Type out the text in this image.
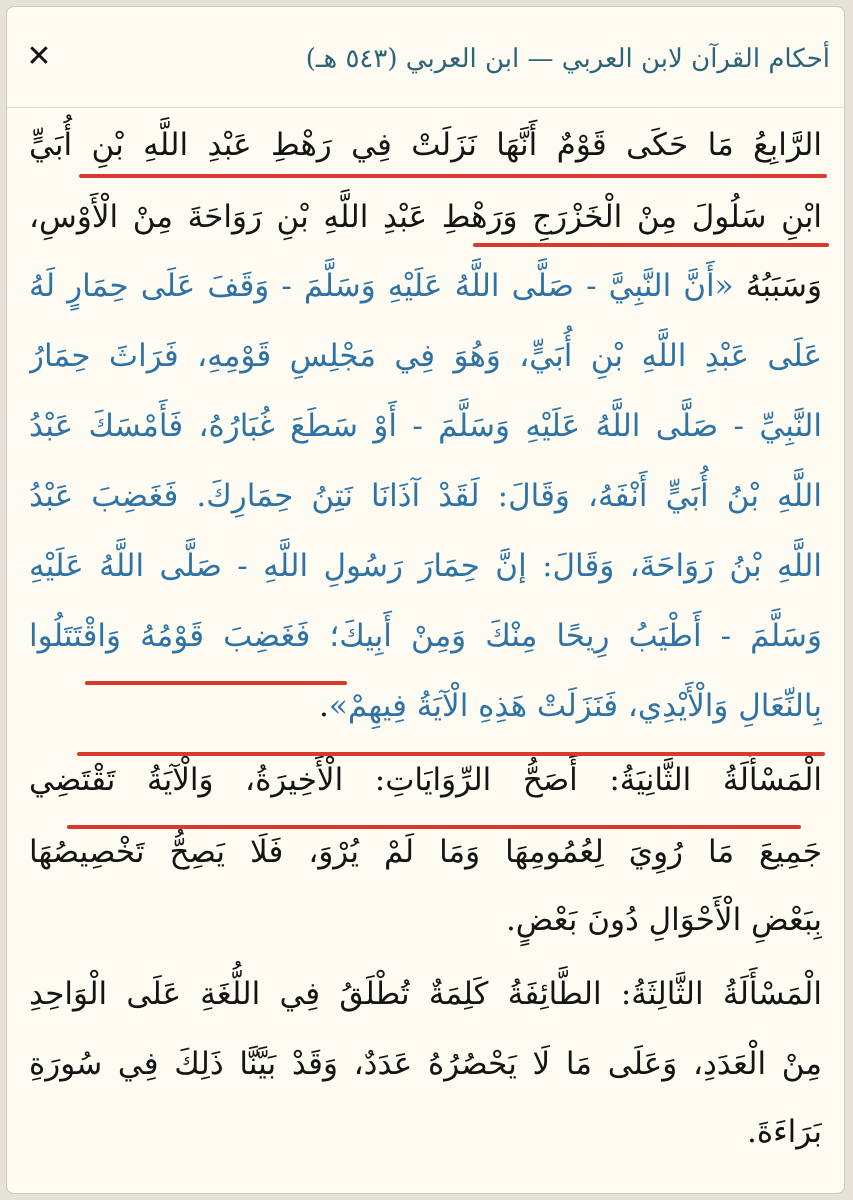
✕	أحكام القرآن لابن العربي — ابن العربي (٥٤٣ هـ)
الرَّابِعُ مَا حَكَى قَوْمٌ أَنَّهَا نَزَلَتْ فِي رَهْطِ عَبْدِ اللَّهِ بْنِ أُبَيٍّ
ابْنِ سَلُولَ مِنْ الْخَزْرَجِ وَرَهْطِ عَبْدِ اللَّهِ بْنِ رَوَاحَةَ مِنْ الْأَوْسِ،
وَسَبَبُهُ «أَنَّ النَّبِيَّ - صَلَّى اللَّهُ عَلَيْهِ وَسَلَّمَ - وَقَفَ عَلَى حِمَارٍ لَهُ
عَلَى عَبْدِ اللَّهِ بْنِ أُبَيٍّ، وَهُوَ فِي مَجْلِسِ قَوْمِهِ، فَرَاثَ حِمَارُ
النَّبِيِّ - صَلَّى اللَّهُ عَلَيْهِ وَسَلَّمَ - أَوْ سَطَعَ غُبَارُهُ، فَأَمْسَكَ عَبْدُ
اللَّهِ بْنُ أُبَيٍّ أَنْفَهُ، وَقَالَ: لَقَدْ آذَانَا نَتِنُ حِمَارِكَ. فَغَضِبَ عَبْدُ
اللَّهِ بْنُ رَوَاحَةَ، وَقَالَ: إنَّ حِمَارَ رَسُولِ اللَّهِ - صَلَّى اللَّهُ عَلَيْهِ
وَسَلَّمَ - أَطْيَبُ رِيحًا مِنْكَ وَمِنْ أَبِيكَ؛ فَغَضِبَ قَوْمُهُ وَاقْتَتَلُوا
بِالنِّعَالِ وَالْأَيْدِي، فَنَزَلَتْ هَذِهِ الْآيَةُ فِيهِمْ».
الْمَسْأَلَةُ الثَّانِيَةُ: أَصَحُّ الرِّوَايَاتِ: الْأَخِيرَةُ، وَالْآيَةُ تَقْتَضِي
جَمِيعَ مَا رُوِيَ لِعُمُومِهَا وَمَا لَمْ يُرْوَ، فَلَا يَصِحُّ تَخْصِيصُهَا
بِبَعْضِ الْأَحْوَالِ دُونَ بَعْضٍ.
الْمَسْأَلَةُ الثَّالِثَةُ: الطَّائِفَةُ كَلِمَةٌ تُطْلَقُ فِي اللُّغَةِ عَلَى الْوَاحِدِ
مِنْ الْعَدَدِ، وَعَلَى مَا لَا يَحْصُرُهُ عَدَدٌ، وَقَدْ بَيَّنَّا ذَلِكَ فِي سُورَةِ
بَرَاءَةَ.
